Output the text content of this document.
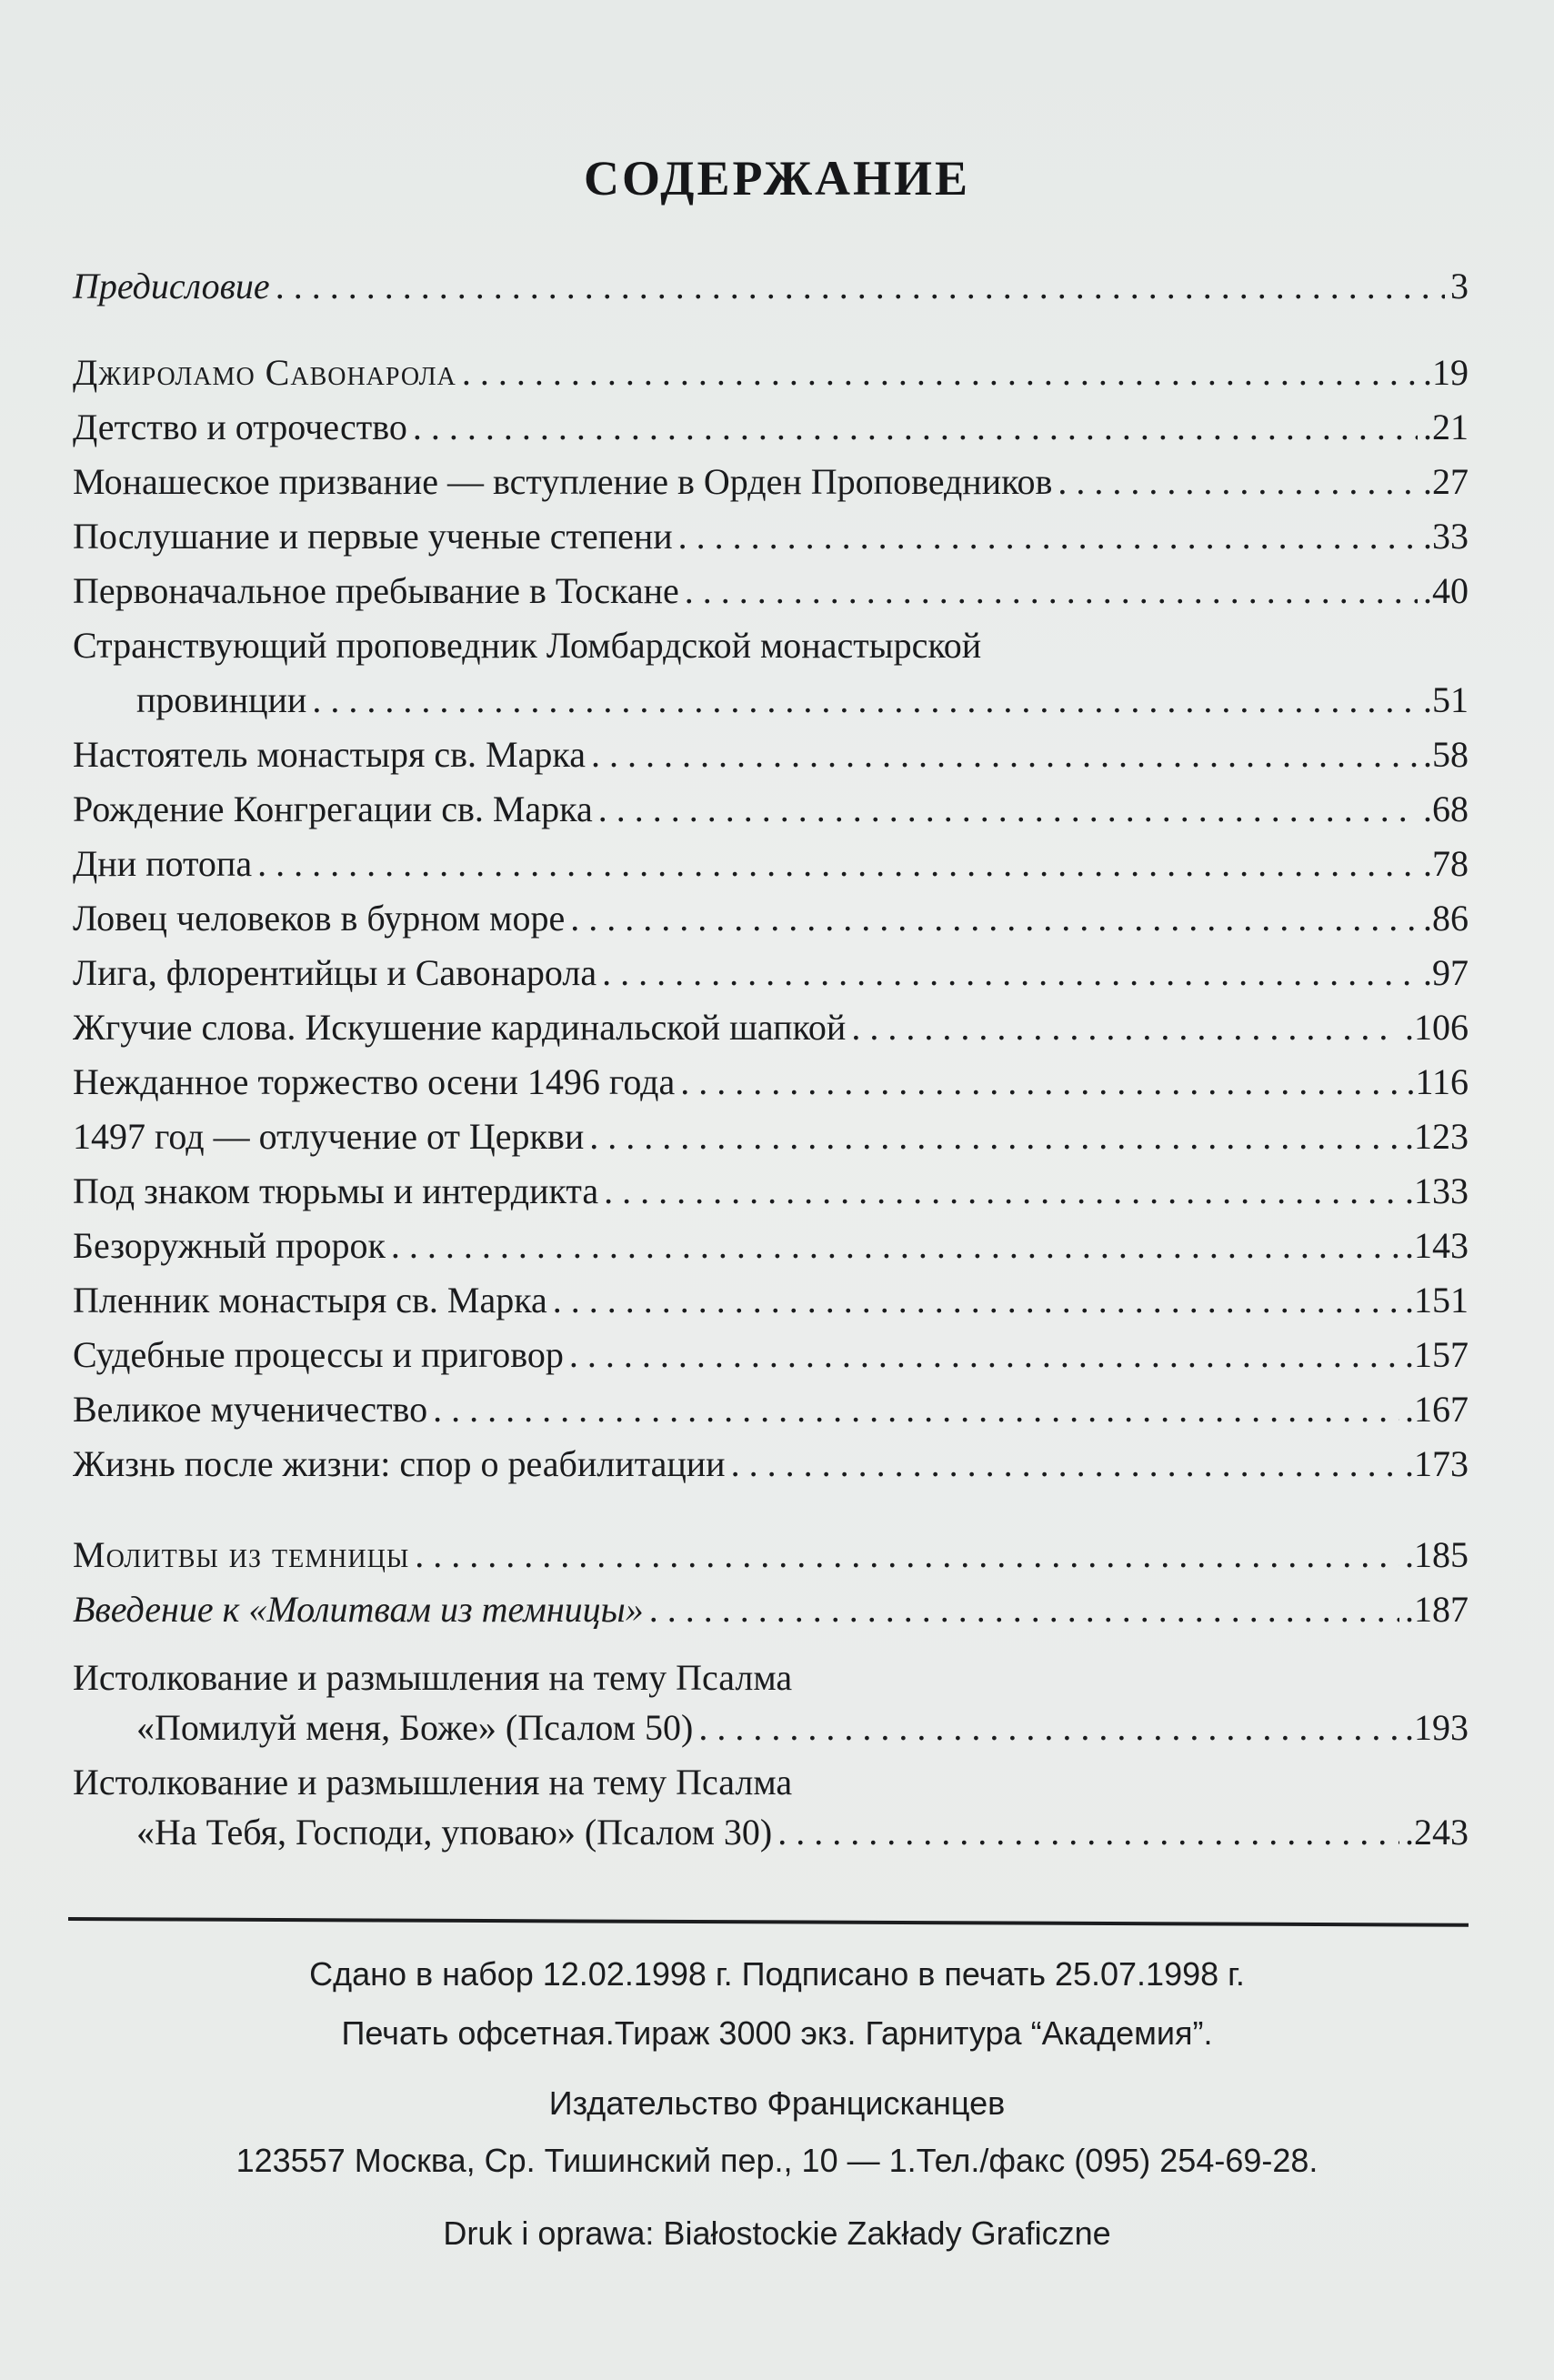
СОДЕРЖАНИЕ
Предисловие . . .	3
Джироламо Савонарола . . .	.19
Детство и отрочество . . .	.21
Монашеское призвание — вступление в Орден Проповедников . . .	.27
Послушание и первые ученые степени . . .	.33
Первоначальное пребывание в Тоскане . . .	.40
Странствующий проповедник Ломбардской монастырской
провинции . . .	.51
Настоятель монастыря св. Марка . . .	.58
Рождение Конгрегации св. Марка . . .	.68
Дни потопа . . .	.78
Ловец человеков в бурном море . . .	.86
Лига, флорентийцы и Савонарола . . .	.97
Жгучие слова. Искушение кардинальской шапкой . . .	.106
Нежданное торжество осени 1496 года . . .	.116
1497 год — отлучение от Церкви . . .	.123
Под знаком тюрьмы и интердикта . . .	.133
Безоружный пророк . . .	.143
Пленник монастыря св. Марка . . .	.151
Судебные процессы и приговор . . .	.157
Великое мученичество . . .	.167
Жизнь после жизни: спор о реабилитации . . .	.173
Молитвы из темницы . . .	.185
Введение к «Молитвам из темницы» . . .	.187
Истолкование и размышления на тему Псалма
«Помилуй меня, Боже» (Псалом 50) . . .	.193
Истолкование и размышления на тему Псалма
«На Тебя, Господи, уповаю» (Псалом 30) . . .	.243
Сдано в набор 12.02.1998 г. Подписано в печать 25.07.1998 г.
Печать офсетная.Тираж 3000 экз. Гарнитура “Академия”.
Издательство Францисканцев
123557 Москва, Ср. Тишинский пер., 10 — 1.Тел./факс (095) 254-69-28.
Druk i oprawa: Białostockie Zakłady Graficzne
